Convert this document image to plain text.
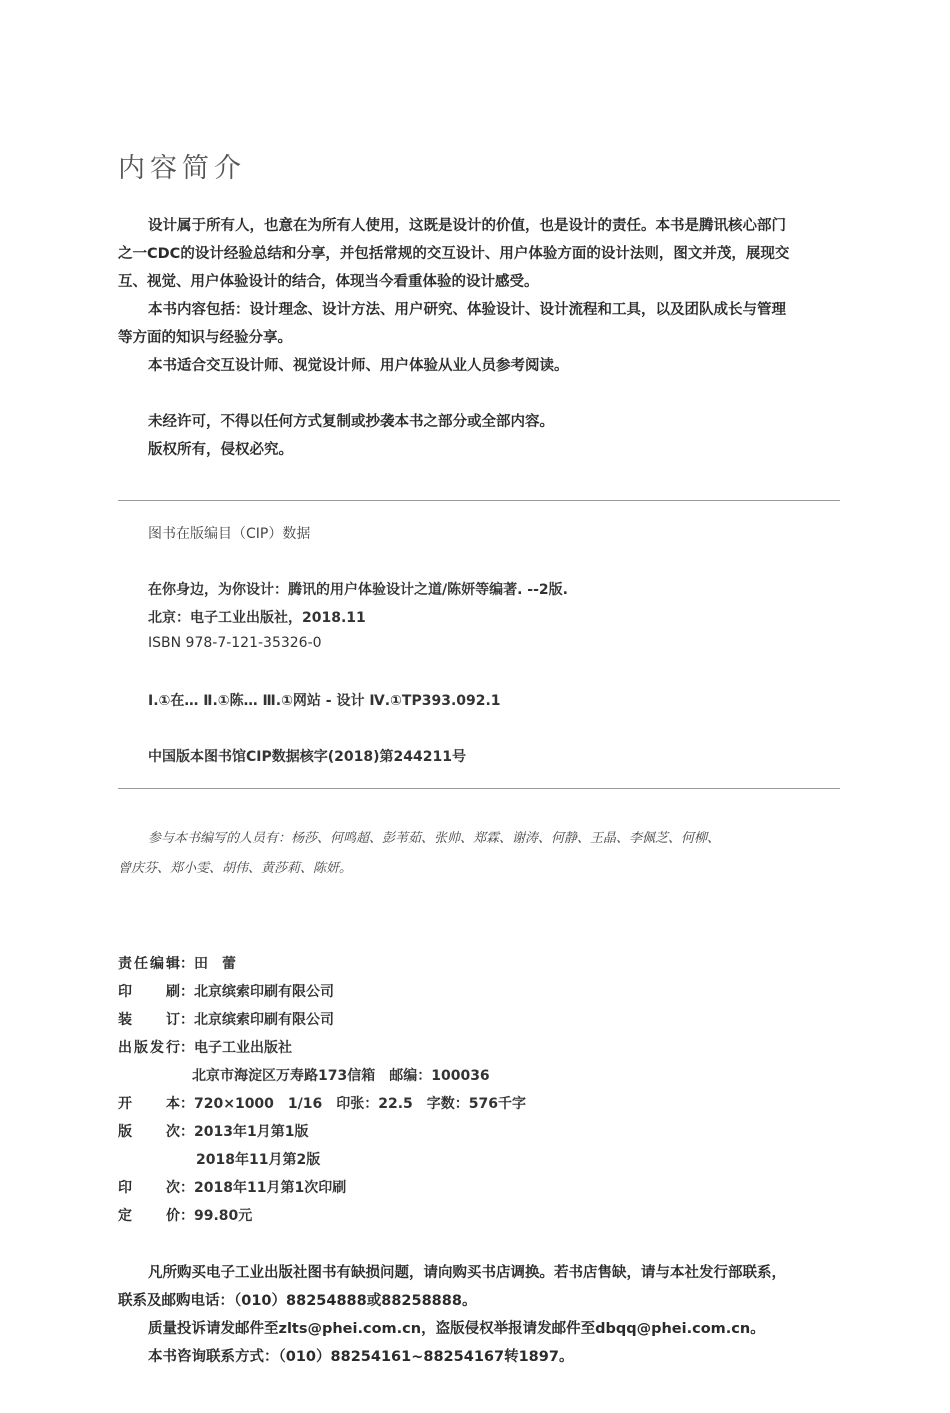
内容简介
设计属于所有人，也意在为所有人使用，这既是设计的价值，也是设计的责任。本书是腾讯核心部门
之一CDC的设计经验总结和分享，并包括常规的交互设计、用户体验方面的设计法则，图文并茂，展现交
互、视觉、用户体验设计的结合，体现当今看重体验的设计感受。
本书内容包括：设计理念、设计方法、用户研究、体验设计、设计流程和工具，以及团队成长与管理
等方面的知识与经验分享。
本书适合交互设计师、视觉设计师、用户体验从业人员参考阅读。
未经许可，不得以任何方式复制或抄袭本书之部分或全部内容。
版权所有，侵权必究。
图书在版编目（CIP）数据
在你身边，为你设计：腾讯的用户体验设计之道/陈妍等编著. --2版.
北京：电子工业出版社，2018.11
ISBN 978-7-121-35326-0
Ⅰ.①在… Ⅱ.①陈… Ⅲ.①网站 - 设计 Ⅳ.①TP393.092.1
中国版本图书馆CIP数据核字(2018)第244211号
参与本书编写的人员有：杨莎、何鸣超、彭苇茹、张帅、郑霖、谢涛、何静、王晶、李佩芝、何柳、
曾庆芬、郑小雯、胡伟、黄莎莉、陈妍。
责任编辑：田　蕾
印　刷：北京缤索印刷有限公司
装　订：北京缤索印刷有限公司
出版发行：电子工业出版社
北京市海淀区万寿路173信箱　邮编：100036
开　本：720×1000　1/16　印张：22.5　字数：576千字
版　次：2013年1月第1版
2018年11月第2版
印　次：2018年11月第1次印刷
定　价：99.80元
凡所购买电子工业出版社图书有缺损问题，请向购买书店调换。若书店售缺，请与本社发行部联系，
联系及邮购电话：（010）88254888或88258888。
质量投诉请发邮件至zlts@phei.com.cn，盗版侵权举报请发邮件至dbqq@phei.com.cn。
本书咨询联系方式：（010）88254161~88254167转1897。
